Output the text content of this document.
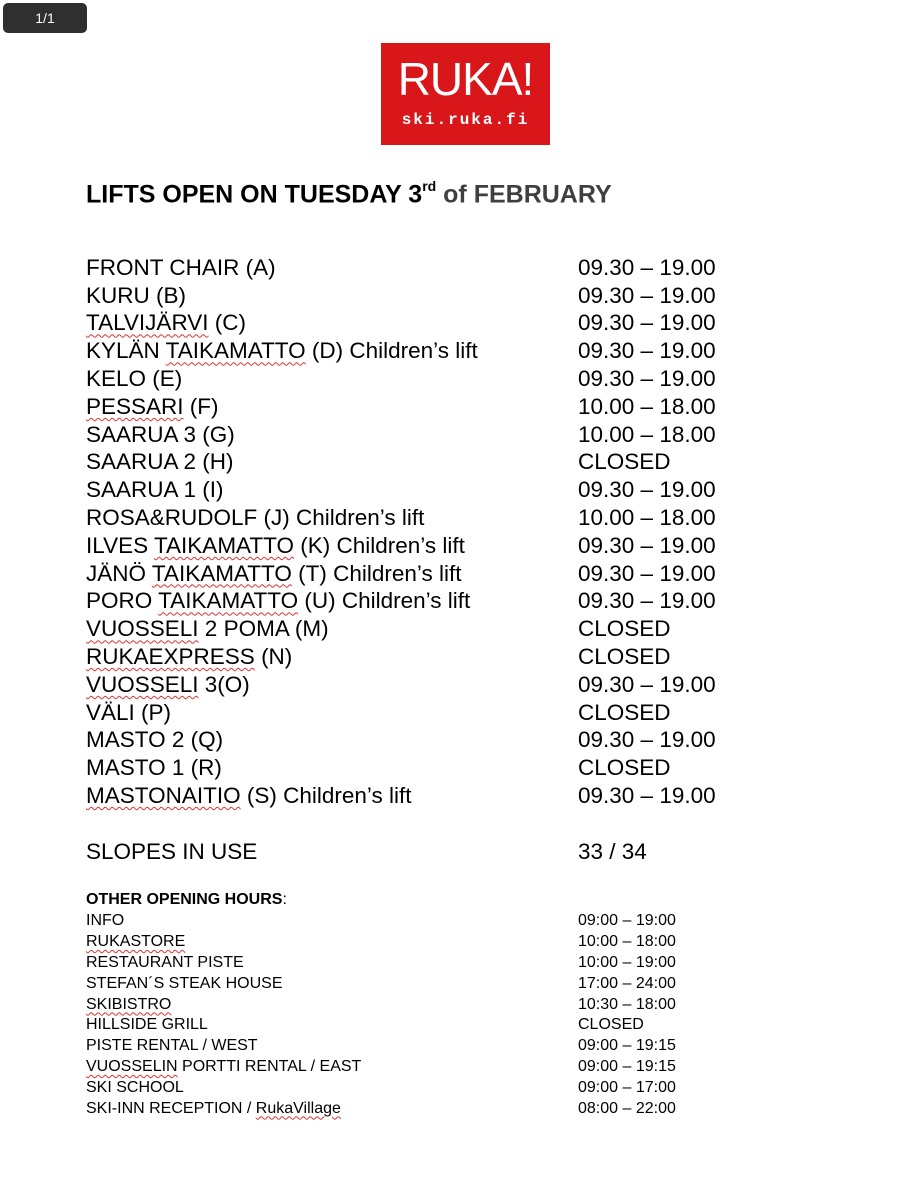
1/1
RUKA!
ski.ruka.fi
LIFTS OPEN ON TUESDAY 3rd of FEBRUARY
FRONT CHAIR (A)	09.30 – 19.00
KURU (B)	09.30 – 19.00
TALVIJÄRVI (C)	09.30 – 19.00
KYLÄN TAIKAMATTO (D) Children’s lift	09.30 – 19.00
KELO (E)	09.30 – 19.00
PESSARI (F)	10.00 – 18.00
SAARUA 3 (G)	10.00 – 18.00
SAARUA 2 (H)	CLOSED
SAARUA 1 (I)	09.30 – 19.00
ROSA&RUDOLF (J) Children’s lift	10.00 – 18.00
ILVES TAIKAMATTO (K) Children’s lift	09.30 – 19.00
JÄNÖ TAIKAMATTO (T) Children’s lift	09.30 – 19.00
PORO TAIKAMATTO (U) Children’s lift	09.30 – 19.00
VUOSSELI 2 POMA (M)	CLOSED
RUKAEXPRESS (N)	CLOSED
VUOSSELI 3(O)	09.30 – 19.00
VÄLI (P)	CLOSED
MASTO 2 (Q)	09.30 – 19.00
MASTO 1 (R)	CLOSED
MASTONAITIO (S) Children’s lift	09.30 – 19.00
SLOPES IN USE	33 / 34
OTHER OPENING HOURS:
INFO	09:00 – 19:00
RUKASTORE	10:00 – 18:00
RESTAURANT PISTE	10:00 – 19:00
STEFAN´S STEAK HOUSE	17:00 – 24:00
SKIBISTRO	10:30 – 18:00
HILLSIDE GRILL	CLOSED
PISTE RENTAL / WEST	09:00 – 19:15
VUOSSELIN PORTTI RENTAL / EAST	09:00 – 19:15
SKI SCHOOL	09:00 – 17:00
SKI-INN RECEPTION / RukaVillage	08:00 – 22:00
